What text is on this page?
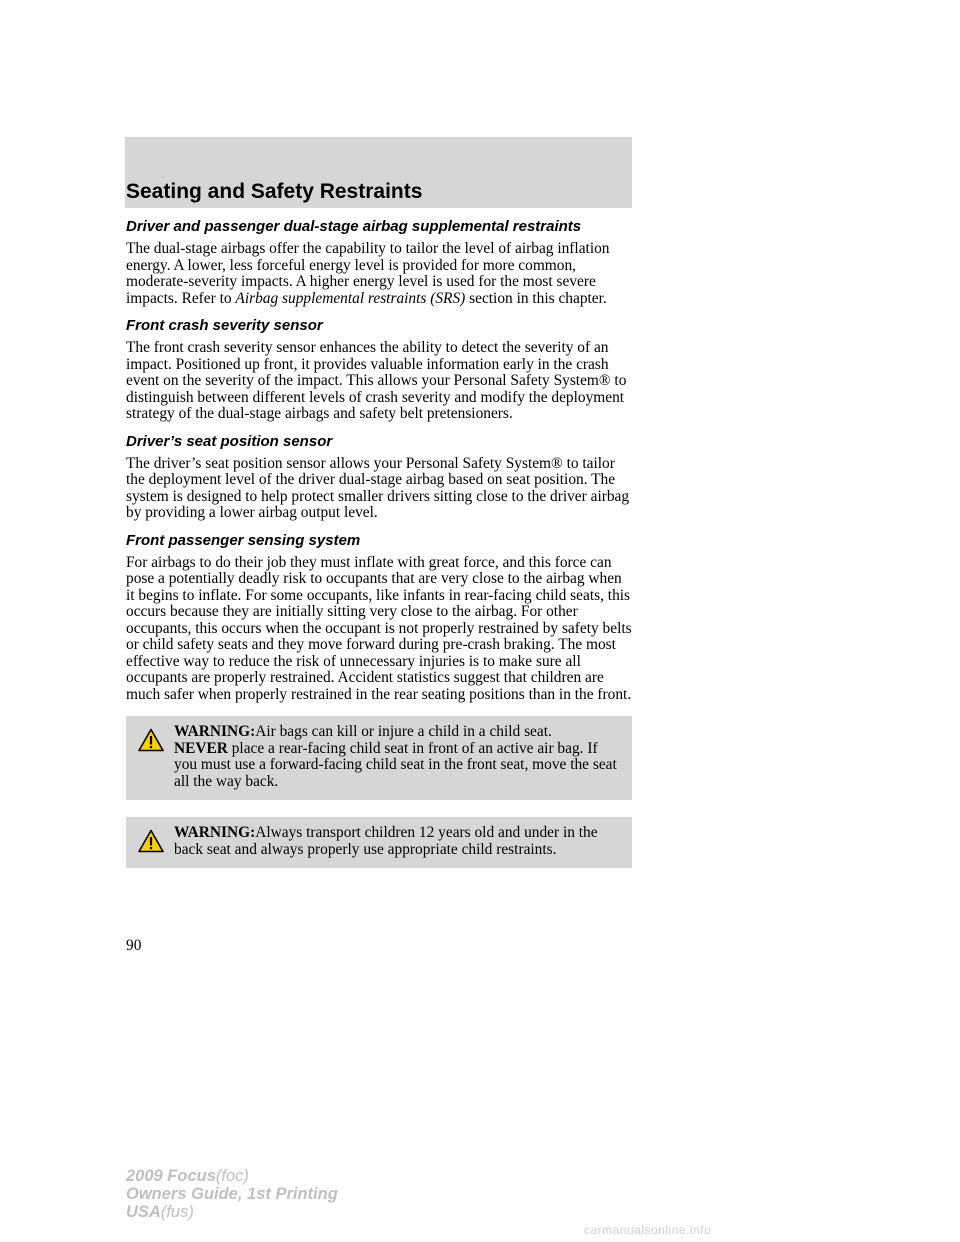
Seating and Safety Restraints
Driver and passenger dual-stage airbag supplemental restraints

The dual-stage airbags offer the capability to tailor the level of airbag inflation energy. A lower, less forceful energy level is provided for more common, moderate-severity impacts. A higher energy level is used for the most severe impacts. Refer to Airbag supplemental restraints (SRS) section in this chapter.

Front crash severity sensor

The front crash severity sensor enhances the ability to detect the severity of an impact. Positioned up front, it provides valuable information early in the crash event on the severity of the impact. This allows your Personal Safety System® to distinguish between different levels of crash severity and modify the deployment strategy of the dual-stage airbags and safety belt pretensioners.

Driver’s seat position sensor

The driver’s seat position sensor allows your Personal Safety System® to tailor the deployment level of the driver dual-stage airbag based on seat position. The system is designed to help protect smaller drivers sitting close to the driver airbag by providing a lower airbag output level.

Front passenger sensing system

For airbags to do their job they must inflate with great force, and this force can pose a potentially deadly risk to occupants that are very close to the airbag when it begins to inflate. For some occupants, like infants in rear-facing child seats, this occurs because they are initially sitting very close to the airbag. For other occupants, this occurs when the occupant is not properly restrained by safety belts or child safety seats and they move forward during pre-crash braking. The most effective way to reduce the risk of unnecessary injuries is to make sure all occupants are properly restrained. Accident statistics suggest that children are much safer when properly restrained in the rear seating positions than in the front.

WARNING:Air bags can kill or injure a child in a child seat.
NEVER place a rear-facing child seat in front of an active air bag. If you must use a forward-facing child seat in the front seat, move the seat all the way back.
WARNING:Always transport children 12 years old and under in the back seat and always properly use appropriate child restraints.
90
2009 Focus(foc)
Owners Guide, 1st Printing
USA(fus)
carmanualsonline.info
